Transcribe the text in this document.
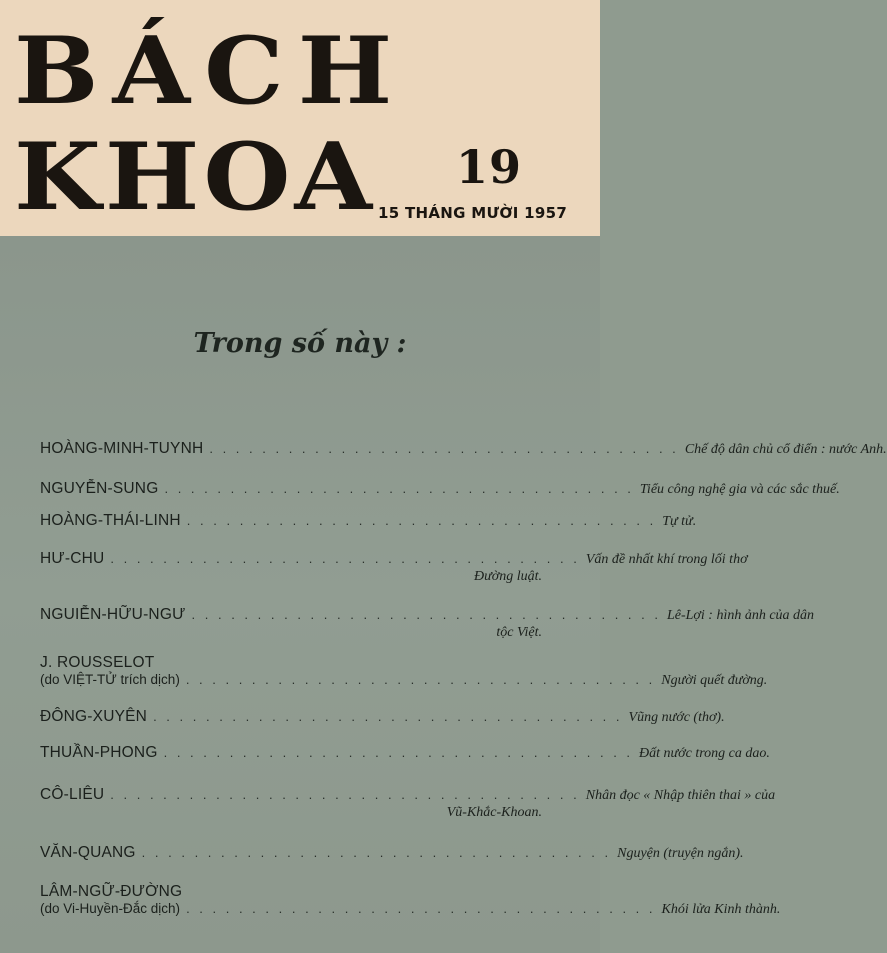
BÁCH
KHOA 19
15 THÁNG MƯỜI 1957
Trong số này :
HOÀNG-MINH-TUYNH . . . . . . . . . . . . . . . . . . . . . . . . . . . . . . . . . . . . Chế độ dân chủ cổ điển : nước Anh.
NGUYỄN-SUNG . . . . . . . . . . . . . . . . . . . . . . . . . . . . . . . . . . . . Tiểu công nghệ gia và các sắc thuế.
HOÀNG-THÁI-LINH . . . . . . . . . . . . . . . . . . . . . . . . . . . . . . . . . . . . Tự tử.
HƯ-CHU . . . . . . . . . . . . . . . . . . . . . . . . . . . . . . . . . . . . Vấn đề nhất khí trong lối thơ
Đường luật.
NGUIỄN-HỮU-NGƯ . . . . . . . . . . . . . . . . . . . . . . . . . . . . . . . . . . . . Lê-Lợi : hình ảnh của dân
tộc Việt.
J. ROUSSELOT
(do VIỆT-TỬ trích dịch) . . . . . . . . . . . . . . . . . . . . . . . . . . . . . . . . . . . . Người quết đường.
ĐÔNG-XUYÊN . . . . . . . . . . . . . . . . . . . . . . . . . . . . . . . . . . . . Vũng nước (thơ).
THUẦN-PHONG . . . . . . . . . . . . . . . . . . . . . . . . . . . . . . . . . . . . Đất nước trong ca dao.
CÔ-LIÊU . . . . . . . . . . . . . . . . . . . . . . . . . . . . . . . . . . . . Nhân đọc « Nhập thiên thai » của
Vũ-Khắc-Khoan.
VĂN-QUANG . . . . . . . . . . . . . . . . . . . . . . . . . . . . . . . . . . . . Nguyện (truyện ngắn).
LÂM-NGỮ-ĐƯỜNG
(do Vi-Huyền-Đắc dịch) . . . . . . . . . . . . . . . . . . . . . . . . . . . . . . . . . . . . Khói lửa Kinh thành.
